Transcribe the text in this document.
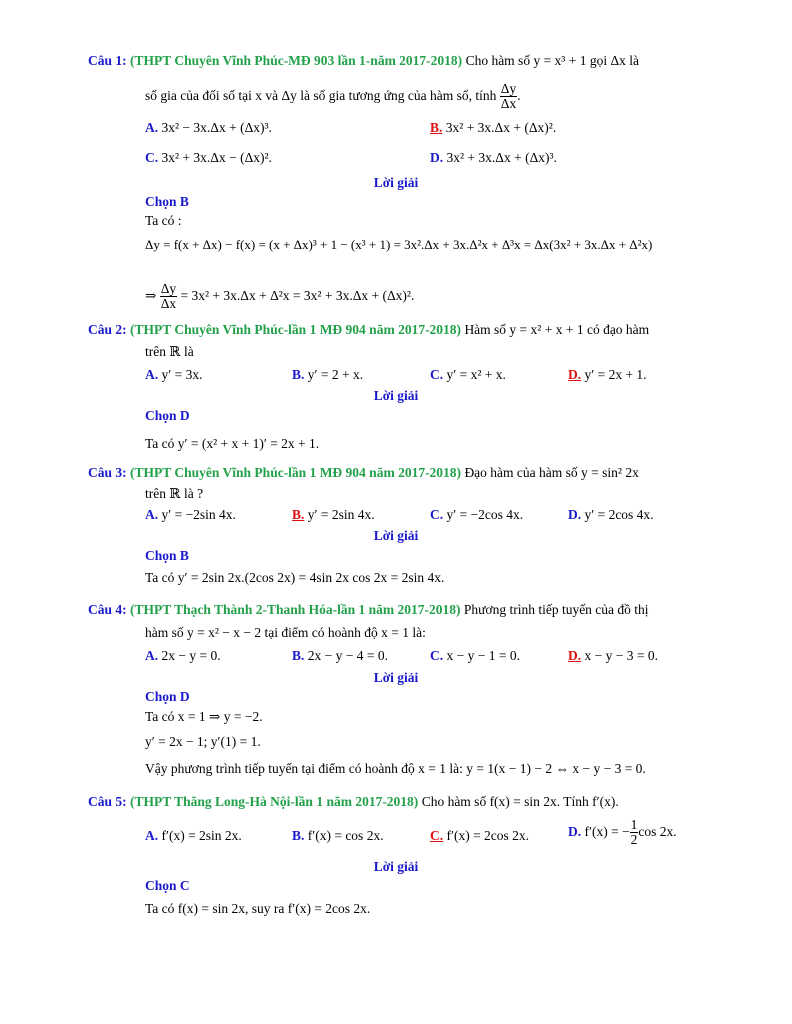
Câu 1: (THPT Chuyên Vĩnh Phúc-MĐ 903 lần 1-năm 2017-2018) Cho hàm số y = x³ + 1 gọi Δx là
số gia của đối số tại x và Δy là số gia tương ứng của hàm số, tính $\frac{\Delta y}{\Delta x}$ .
A. 3x² − 3x.Δx + (Δx)³.	B. 3x² + 3x.Δx + (Δx)².
C. 3x² + 3x.Δx − (Δx)².	D. 3x² + 3x.Δx + (Δx)³.
Lời giải
Chọn B
Ta có :
Δy = f(x + Δx) − f(x) = (x + Δx)³ + 1 − (x³ + 1) = 3x².Δx + 3x.Δ²x + Δ³x = Δx(3x² + 3x.Δx + Δ²x)
⇒ $\frac{\Delta y}{\Delta x} = 3x^2 + 3x.\Delta x + \Delta^2x = 3x^2 + 3x.\Delta x + (\Delta x)^2$.
Câu 2: (THPT Chuyên Vĩnh Phúc-lần 1 MĐ 904 năm 2017-2018) Hàm số y = x² + x + 1 có đạo hàm
trên ℝ là
A. y′ = 3x.	B. y′ = 2 + x.	C. y′ = x² + x.	D. y′ = 2x + 1.
Lời giải
Chọn D
Ta có y′ = (x² + x + 1)′ = 2x + 1.
Câu 3: (THPT Chuyên Vĩnh Phúc-lần 1 MĐ 904 năm 2017-2018) Đạo hàm của hàm số y = sin² 2x
trên ℝ là ?
A. y′ = −2sin 4x.	B. y′ = 2sin 4x.	C. y′ = −2cos 4x.	D. y′ = 2cos 4x.
Lời giải
Chọn B
Ta có y′ = 2sin 2x.(2cos 2x) = 4sin 2x cos 2x = 2sin 4x.
Câu 4: (THPT Thạch Thành 2-Thanh Hóa-lần 1 năm 2017-2018) Phương trình tiếp tuyến của đồ thị
hàm số y = x² − x − 2 tại điểm có hoành độ x = 1 là:
A. 2x − y = 0.	B. 2x − y − 4 = 0.	C. x − y − 1 = 0.	D. x − y − 3 = 0.
Lời giải
Chọn D
Ta có x = 1 ⇒ y = −2.
y′ = 2x − 1; y′(1) = 1.
Vậy phương trình tiếp tuyến tại điểm có hoành độ x = 1 là: y = 1(x − 1) − 2 ⇔ x − y − 3 = 0.
Câu 5: (THPT Thăng Long-Hà Nội-lần 1 năm 2017-2018) Cho hàm số f(x) = sin 2x. Tính f′(x).
A. f′(x) = 2sin 2x.	B. f′(x) = cos 2x.	C. f′(x) = 2cos 2x.	D. f′(x) = − $\frac{1}{2}$ cos 2x.
Lời giải
Chọn C
Ta có f(x) = sin 2x, suy ra f′(x) = 2cos 2x.
